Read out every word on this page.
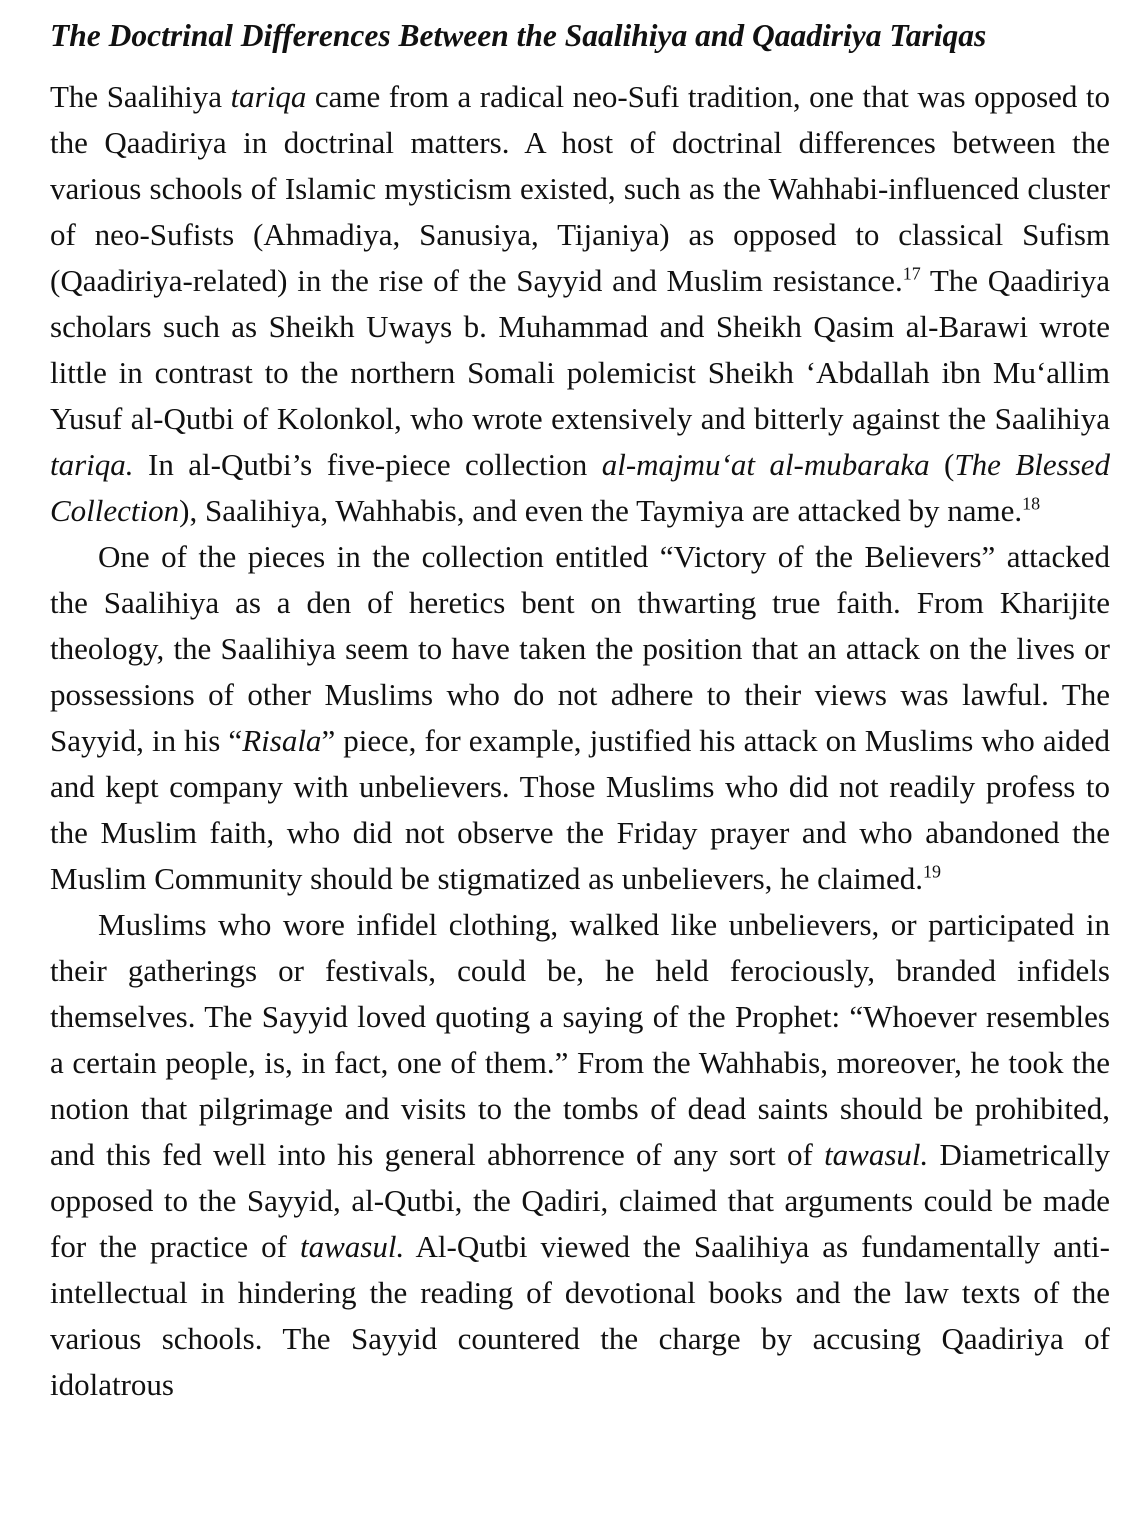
The Doctrinal Differences Between the Saalihiya and Qaadiriya Tariqas

The Saalihiya tariqa came from a radical neo-Sufi tradition, one that was opposed to the Qaadiriya in doctrinal matters. A host of doctrinal differences between the various schools of Islamic mysticism existed, such as the Wahhabi-influenced cluster of neo-Sufists (Ahmadiya, Sanusiya, Tijaniya) as opposed to classical Sufism (Qaadiriya-related) in the rise of the Sayyid and Muslim resistance.$^{17}$ The Qaadiriya scholars such as Sheikh Uways b. Muhammad and Sheikh Qasim al-Barawi wrote little in contrast to the northern Somali polemicist Sheikh ‘Abdallah ibn Mu‘allim Yusuf al-Qutbi of Kolonkol, who wrote extensively and bitterly against the Saalihiya tariqa. In al-Qutbi’s five-piece collection al-majmu‘at al-mubaraka (The Blessed Collection), Saalihiya, Wahhabis, and even the Taymiya are attacked by name.$^{18}$

One of the pieces in the collection entitled “Victory of the Believers” attacked the Saalihiya as a den of heretics bent on thwarting true faith. From Kharijite theology, the Saalihiya seem to have taken the position that an attack on the lives or possessions of other Muslims who do not adhere to their views was lawful. The Sayyid, in his “Risala” piece, for example, justified his attack on Muslims who aided and kept company with unbelievers. Those Muslims who did not readily profess to the Muslim faith, who did not observe the Friday prayer and who abandoned the Muslim Community should be stigmatized as unbelievers, he claimed.$^{19}$

Muslims who wore infidel clothing, walked like unbelievers, or participated in their gatherings or festivals, could be, he held ferociously, branded infidels themselves. The Sayyid loved quoting a saying of the Prophet: “Whoever resembles a certain people, is, in fact, one of them.” From the Wahhabis, moreover, he took the notion that pilgrimage and visits to the tombs of dead saints should be prohibited, and this fed well into his general abhorrence of any sort of tawasul. Diametrically opposed to the Sayyid, al-Qutbi, the Qadiri, claimed that arguments could be made for the practice of tawasul. Al-Qutbi viewed the Saalihiya as fundamentally anti-intellectual in hindering the reading of devotional books and the law texts of the various schools. The Sayyid countered the charge by accusing Qaadiriya of idolatrous
